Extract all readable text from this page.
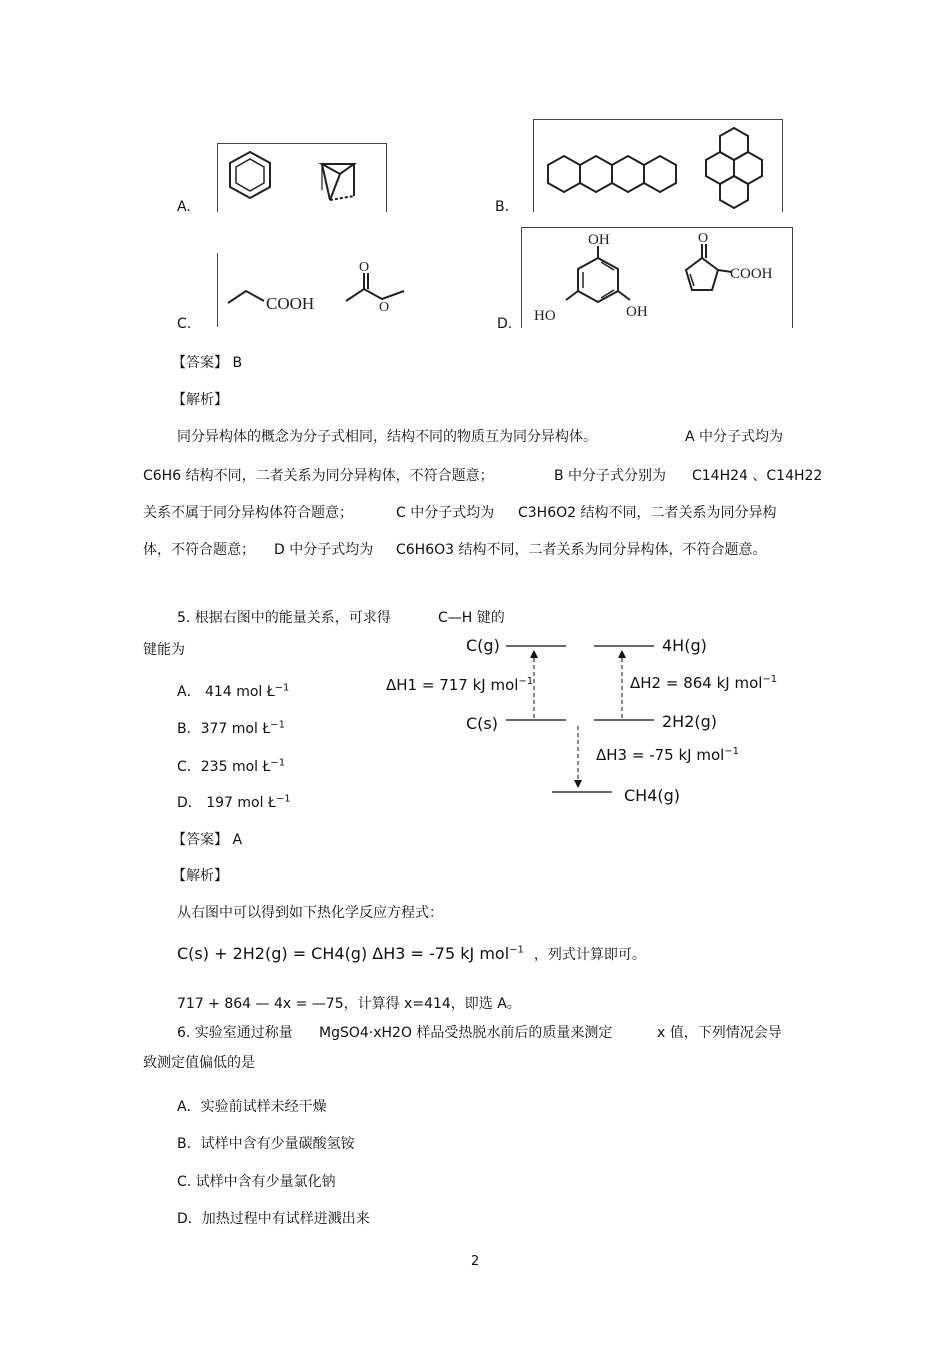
A.	B.
C.
COOH
O
O
D.
OH
HO	OH
O
COOH
【答案】 B
【解析】
同分异构体的概念为分子式相同，结构不同的物质互为同分异构体。	A 中分子式均为
C6H6 结构不同，二者关系为同分异构体，不符合题意；	B 中分子式分别为 C14H24 、C14H22
关系不属于同分异构体符合题意；	C 中分子式均为 C3H6O2 结构不同，二者关系为同分异构
体，不符合题意； D 中分子式均为 C6H6O3 结构不同，二者关系为同分异构体，不符合题意。
5. 根据右图中的能量关系，可求得	C—H 键的
键能为
A． 414 mol $Ł^{-1}$
B．377 mol $Ł^{-1}$
C．235 mol $Ł^{-1}$
D． 197 mol $Ł^{-1}$
C(g)	4H(g)
C(s)	2H2(g)
CH4(g)
ΔH1 = 717 kJ mol$^{-1}$	ΔH2 = 864 kJ mol$^{-1}$
ΔH3 = -75 kJ mol$^{-1}$
【答案】 A
【解析】
从右图中可以得到如下热化学反应方程式：
C(s) + 2H2(g) = CH4(g) ΔH3 = -75 kJ mol$^{-1}$ ，列式计算即可。
717 + 864 — 4x = —75，计算得 x=414，即选 A。
6. 实验室通过称量 MgSO4·xH2O 样品受热脱水前后的质量来测定	x 值，下列情况会导
致测定值偏低的是
A．实验前试样未经干燥
B．试样中含有少量碳酸氢铵
C. 试样中含有少量氯化钠
D．加热过程中有试样迸溅出来
2
